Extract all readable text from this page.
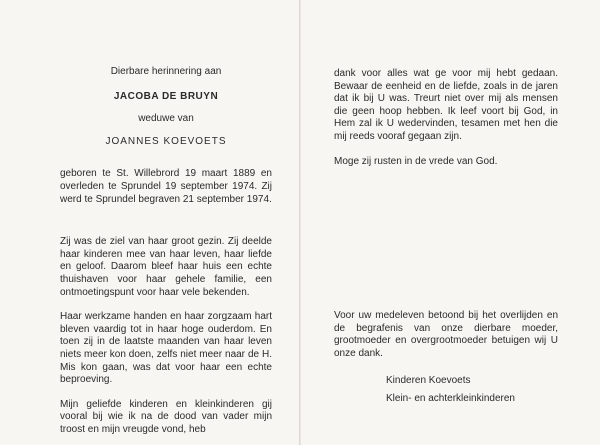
Dierbare herinnering aan

JACOBA DE BRUYN

weduwe van

JOANNES KOEVOETS

geboren te St. Willebrord 19 maart 1889 en overleden te Sprundel 19 september 1974. Zij werd te Sprundel begraven 21 september 1974.

Zij was de ziel van haar groot gezin. Zij deelde haar kinderen mee van haar leven, haar liefde en geloof. Daarom bleef haar huis een echte thuishaven voor haar gehele familie, een ontmoetingspunt voor haar vele bekenden.

Haar werkzame handen en haar zorgzaam hart bleven vaardig tot in haar hoge ouderdom. En toen zij in de laatste maanden van haar leven niets meer kon doen, zelfs niet meer naar de H. Mis kon gaan, was dat voor haar een echte beproeving.

Mijn geliefde kinderen en kleinkinderen gij vooral bij wie ik na de dood van vader mijn troost en mijn vreugde vond, heb

dank voor alles wat ge voor mij hebt gedaan. Bewaar de eenheid en de liefde, zoals in de jaren dat ik bij U was. Treurt niet over mij als mensen die geen hoop hebben. Ik leef voort bij God, in Hem zal ik U wedervinden, tesamen met hen die mij reeds vooraf gegaan zijn.

Moge zij rusten in de vrede van God.

Voor uw medeleven betoond bij het overlijden en de begrafenis van onze dierbare moeder, grootmoeder en overgrootmoeder betuigen wij U onze dank.

Kinderen Koevoets

Klein- en achterkleinkinderen
